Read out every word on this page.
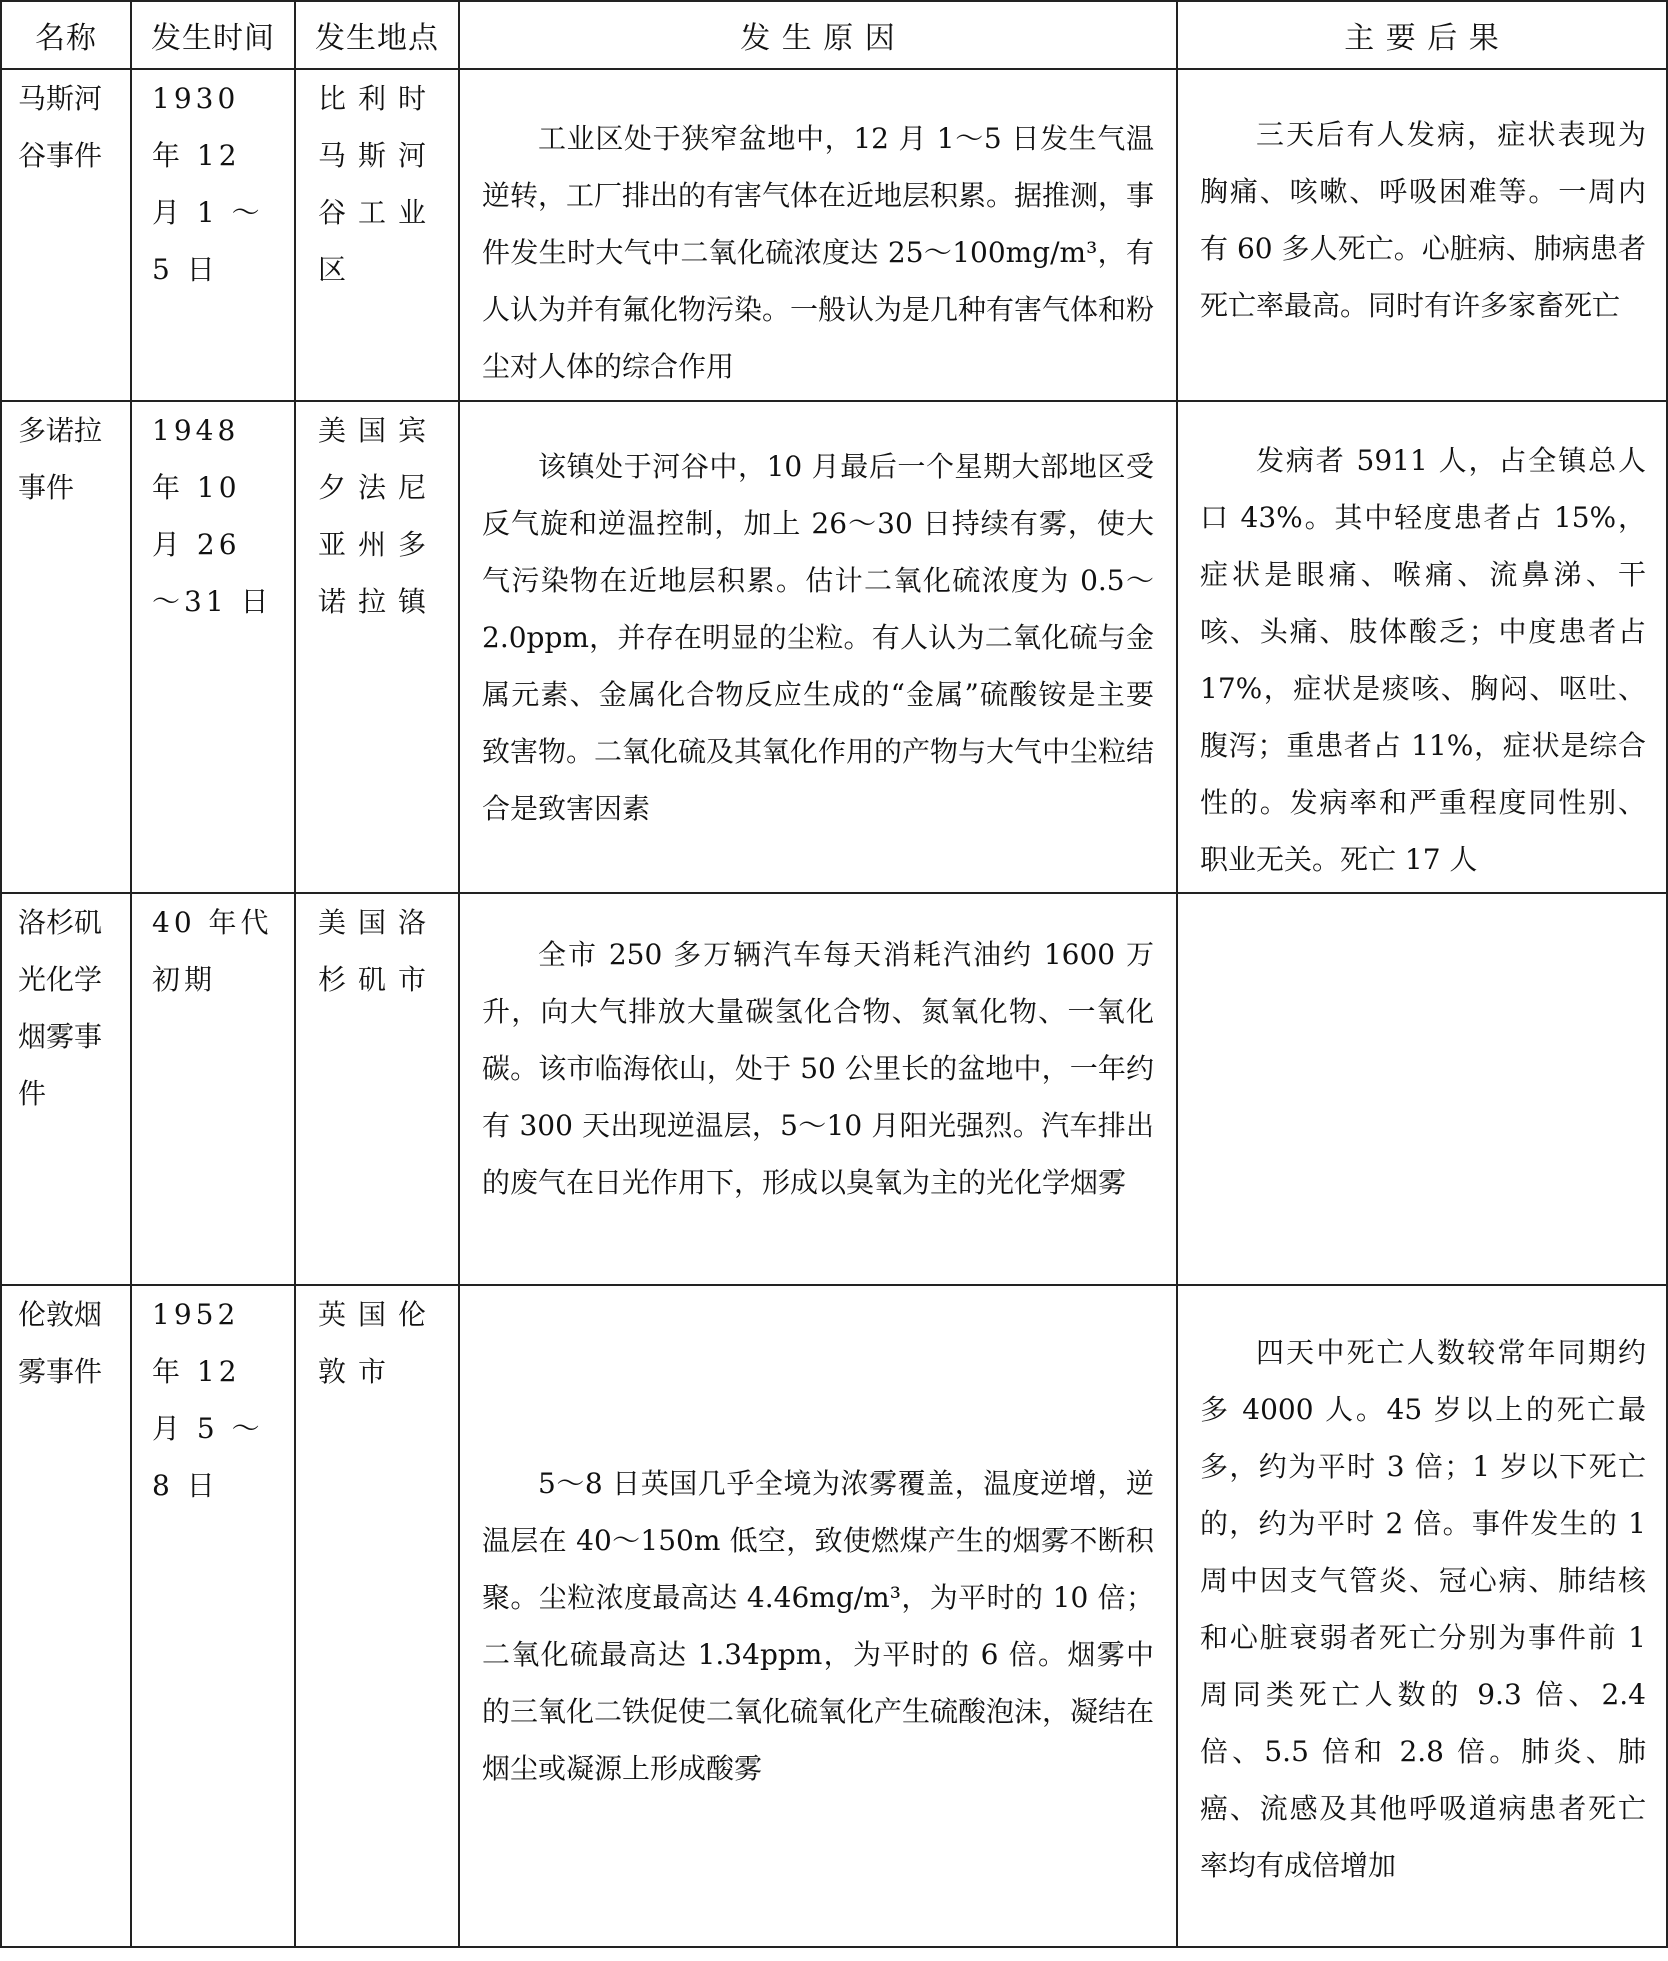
名称	发生时间	发生地点	发 生 原 因	主 要 后 果

马斯河谷事件	1930 年 12 月 1 ～5 日	比利时马斯河谷工业区	工业区处于狭窄盆地中，12 月 1～5 日发生气温逆转，工厂排出的有害气体在近地层积累。据推测，事件发生时大气中二氧化硫浓度达 25～100mg/m³，有人认为并有氟化物污染。一般认为是几种有害气体和粉尘对人体的综合作用	三天后有人发病，症状表现为胸痛、咳嗽、呼吸困难等。一周内有 60 多人死亡。心脏病、肺病患者死亡率最高。同时有许多家畜死亡

多诺拉事件	1948 年 10 月 26 ～31 日	美国宾夕法尼亚州多诺拉镇	该镇处于河谷中，10 月最后一个星期大部地区受反气旋和逆温控制，加上 26～30 日持续有雾，使大气污染物在近地层积累。估计二氧化硫浓度为 0.5～2.0ppm，并存在明显的尘粒。有人认为二氧化硫与金属元素、金属化合物反应生成的“金属”硫酸铵是主要致害物。二氧化硫及其氧化作用的产物与大气中尘粒结合是致害因素	发病者 5911 人，占全镇总人口 43%。其中轻度患者占 15%，症状是眼痛、喉痛、流鼻涕、干咳、头痛、肢体酸乏；中度患者占 17%，症状是痰咳、胸闷、呕吐、腹泻；重患者占 11%，症状是综合性的。发病率和严重程度同性别、职业无关。死亡 17 人

洛杉矶光化学烟雾事件	40 年代初期	美国洛杉矶市	全市 250 多万辆汽车每天消耗汽油约 1600 万升，向大气排放大量碳氢化合物、氮氧化物、一氧化碳。该市临海依山，处于 50 公里长的盆地中，一年约有 300 天出现逆温层，5～10 月阳光强烈。汽车排出的废气在日光作用下，形成以臭氧为主的光化学烟雾	

伦敦烟雾事件	1952 年 12 月 5 ～8 日	英国伦敦市	5～8 日英国几乎全境为浓雾覆盖，温度逆增，逆温层在 40～150m 低空，致使燃煤产生的烟雾不断积聚。尘粒浓度最高达 4.46mg/m³，为平时的 10 倍；二氧化硫最高达 1.34ppm，为平时的 6 倍。烟雾中的三氧化二铁促使二氧化硫氧化产生硫酸泡沫，凝结在烟尘或凝源上形成酸雾	四天中死亡人数较常年同期约多 4000 人。45 岁以上的死亡最多，约为平时 3 倍；1 岁以下死亡的，约为平时 2 倍。事件发生的 1 周中因支气管炎、冠心病、肺结核和心脏衰弱者死亡分别为事件前 1 周同类死亡人数的 9.3 倍、2.4 倍、5.5 倍和 2.8 倍。肺炎、肺癌、流感及其他呼吸道病患者死亡率均有成倍增加
